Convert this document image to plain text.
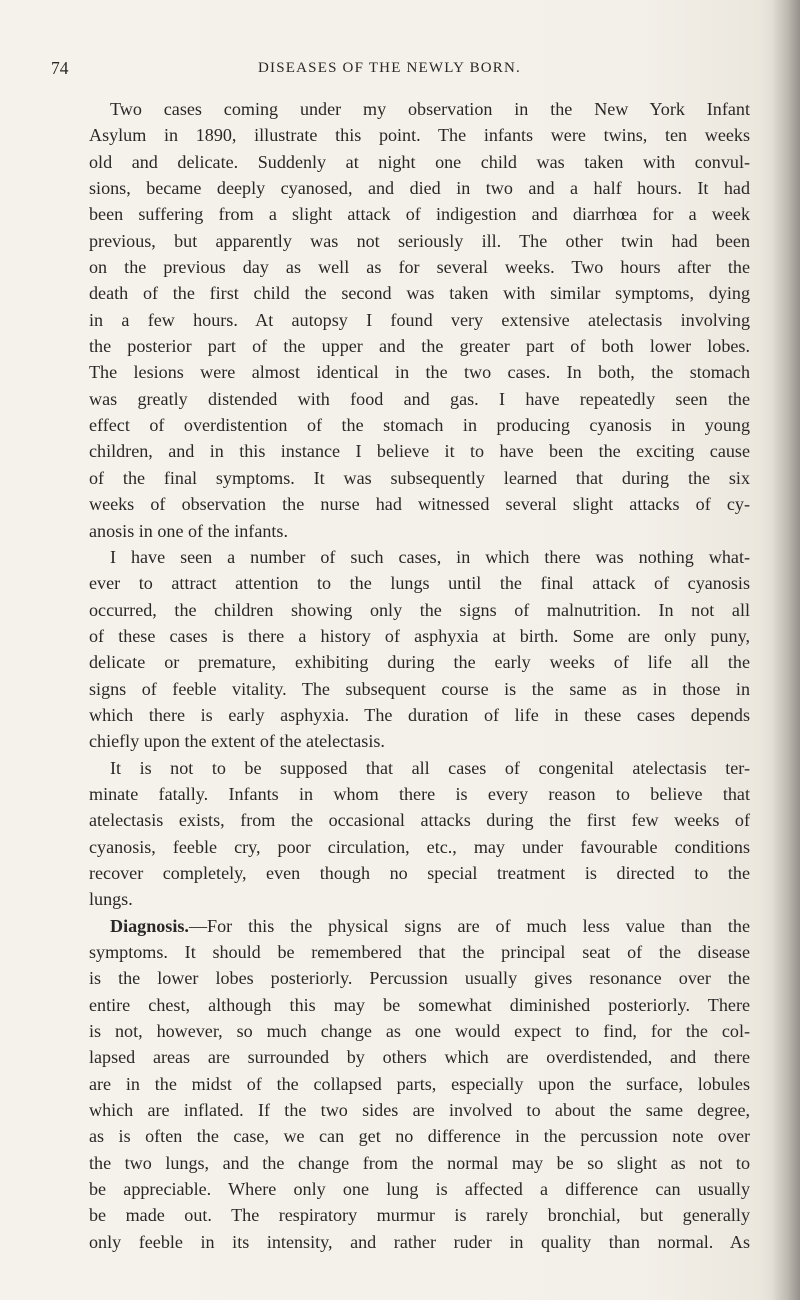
74	DISEASES OF THE NEWLY BORN.
Two cases coming under my observation in the New York Infant
Asylum in 1890, illustrate this point. The infants were twins, ten weeks
old and delicate. Suddenly at night one child was taken with convul-
sions, became deeply cyanosed, and died in two and a half hours. It had
been suffering from a slight attack of indigestion and diarrhœa for a week
previous, but apparently was not seriously ill. The other twin had been
on the previous day as well as for several weeks. Two hours after the
death of the first child the second was taken with similar symptoms, dying
in a few hours. At autopsy I found very extensive atelectasis involving
the posterior part of the upper and the greater part of both lower lobes.
The lesions were almost identical in the two cases. In both, the stomach
was greatly distended with food and gas. I have repeatedly seen the
effect of overdistention of the stomach in producing cyanosis in young
children, and in this instance I believe it to have been the exciting cause
of the final symptoms. It was subsequently learned that during the six
weeks of observation the nurse had witnessed several slight attacks of cy-
anosis in one of the infants.
I have seen a number of such cases, in which there was nothing what-
ever to attract attention to the lungs until the final attack of cyanosis
occurred, the children showing only the signs of malnutrition. In not all
of these cases is there a history of asphyxia at birth. Some are only puny,
delicate or premature, exhibiting during the early weeks of life all the
signs of feeble vitality. The subsequent course is the same as in those in
which there is early asphyxia. The duration of life in these cases depends
chiefly upon the extent of the atelectasis.
It is not to be supposed that all cases of congenital atelectasis ter-
minate fatally. Infants in whom there is every reason to believe that
atelectasis exists, from the occasional attacks during the first few weeks of
cyanosis, feeble cry, poor circulation, etc., may under favourable conditions
recover completely, even though no special treatment is directed to the
lungs.
Diagnosis.—For this the physical signs are of much less value than the
symptoms. It should be remembered that the principal seat of the disease
is the lower lobes posteriorly. Percussion usually gives resonance over the
entire chest, although this may be somewhat diminished posteriorly. There
is not, however, so much change as one would expect to find, for the col-
lapsed areas are surrounded by others which are overdistended, and there
are in the midst of the collapsed parts, especially upon the surface, lobules
which are inflated. If the two sides are involved to about the same degree,
as is often the case, we can get no difference in the percussion note over
the two lungs, and the change from the normal may be so slight as not to
be appreciable. Where only one lung is affected a difference can usually
be made out. The respiratory murmur is rarely bronchial, but generally
only feeble in its intensity, and rather ruder in quality than normal. As
